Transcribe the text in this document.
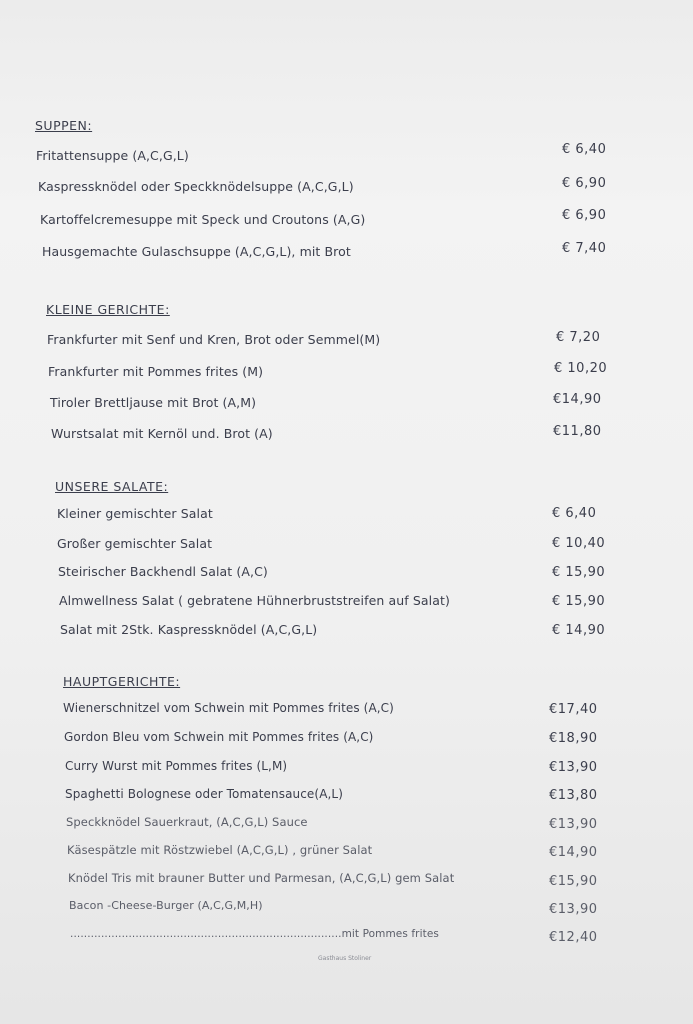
SUPPEN:
Fritattensuppe (A,C,G,L)	€ 6,40
Kaspressknödel oder Speckknödelsuppe (A,C,G,L)	€ 6,90
Kartoffelcremesuppe mit Speck und Croutons (A,G)	€ 6,90
Hausgemachte Gulaschsuppe (A,C,G,L), mit Brot	€ 7,40
KLEINE GERICHTE:
Frankfurter mit Senf und Kren, Brot oder Semmel(M)	€ 7,20
Frankfurter mit Pommes frites (M)	€ 10,20
Tiroler Brettljause mit Brot (A,M)	€14,90
Wurstsalat mit Kernöl und. Brot (A)	€11,80
UNSERE SALATE:
Kleiner gemischter Salat	€ 6,40
Großer gemischter Salat	€ 10,40
Steirischer Backhendl Salat (A,C)	€ 15,90
Almwellness Salat ( gebratene Hühnerbruststreifen auf Salat)	€ 15,90
Salat mit 2Stk. Kaspressknödel (A,C,G,L)	€ 14,90
HAUPTGERICHTE:
Wienerschnitzel vom Schwein mit Pommes frites (A,C)	€17,40
Gordon Bleu vom Schwein mit Pommes frites (A,C)	€18,90
Curry Wurst mit Pommes frites (L,M)	€13,90
Spaghetti Bolognese oder Tomatensauce(A,L)	€13,80
Speckknödel Sauerkraut, (A,C,G,L) Sauce	€13,90
Käsespätzle mit Röstzwiebel (A,C,G,L) , grüner Salat	€14,90
Knödel Tris mit brauner Butter und Parmesan, (A,C,G,L) gem Salat	€15,90
Bacon -Cheese-Burger (A,C,G,M,H)	€13,90
...............................................................................mit Pommes frites	€12,40
Gasthaus Stoliner
